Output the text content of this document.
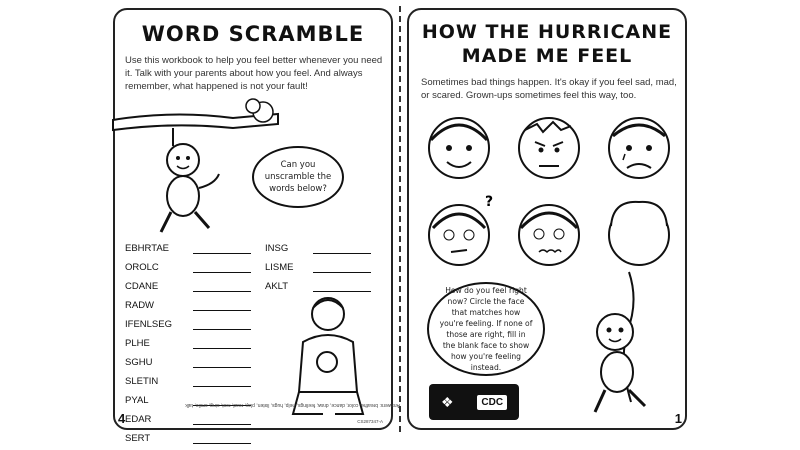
WORD SCRAMBLE
Use this workbook to help you feel better whenever you need it. Talk with your parents about how you feel. And always remember, what happened is not your fault!
Can you unscramble the words below?
EBHRTAE
OROLC
CDANE
RADW
IFENLSEG
PLHE
SGHU
SLETIN
PYAL
EDAR
SERT
INSG
LISME
AKLT
Answers: breathe, color, dance, draw, feelings, help, hugs, listen, play, read, rest, sing, smile, talk
4	CS287347-A
HOW THE HURRICANE
MADE ME FEEL
Sometimes bad things happen. It's okay if you feel sad, mad, or scared. Grown-ups sometimes feel this way, too.
?
How do you feel right now? Circle the face that matches how you're feeling. If none of those are right, fill in the blank face to show how you're feeling instead.
❖	CDC
1
